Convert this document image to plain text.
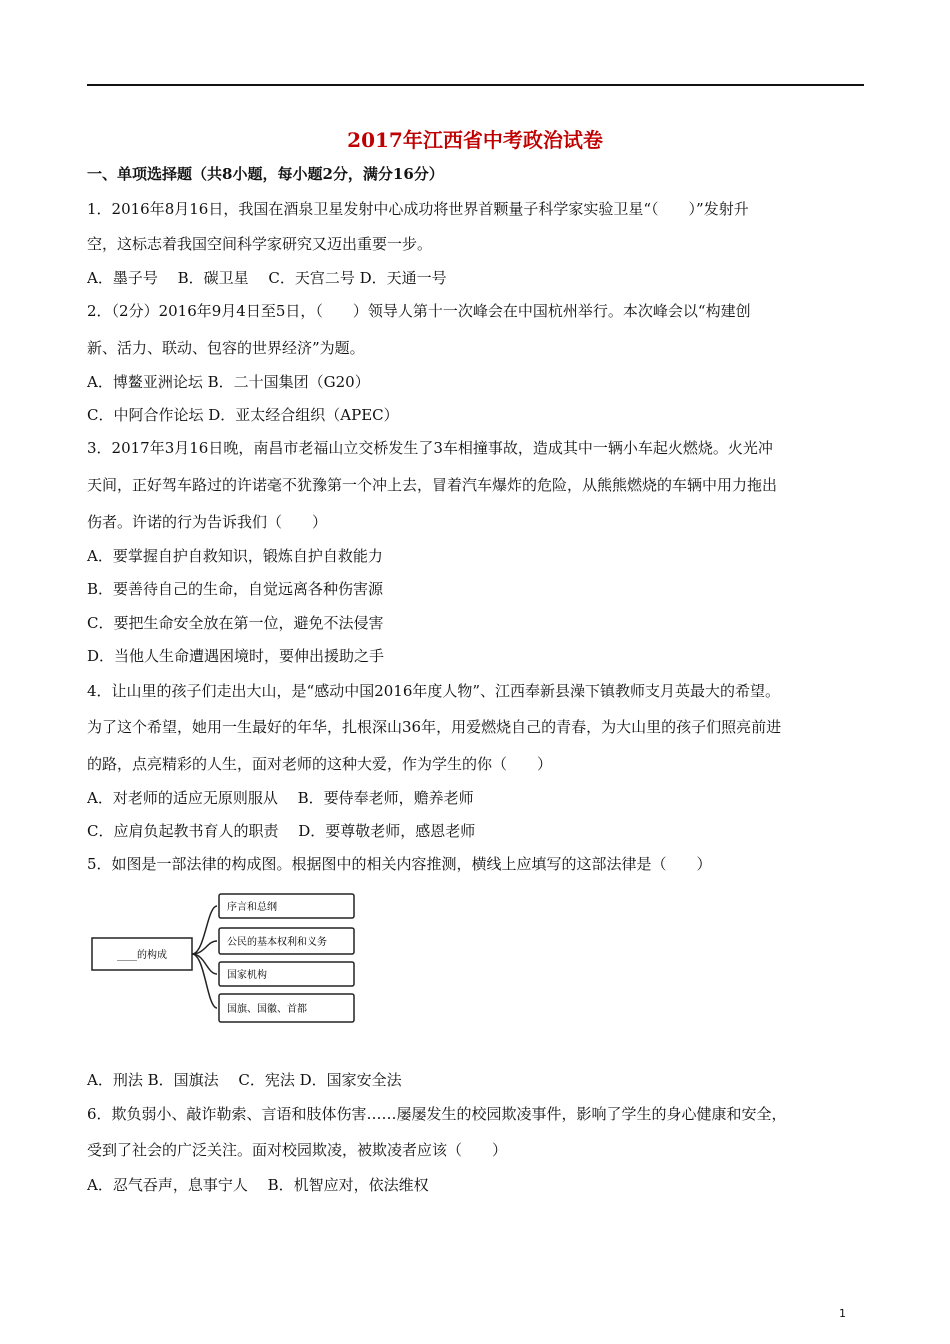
2017年江西省中考政治试卷
一、单项选择题（共8小题，每小题2分，满分16分）
1．2016年8月16日，我国在酒泉卫星发射中心成功将世界首颗量子科学家实验卫星“（　　）”发射升
空，这标志着我国空间科学家研究又迈出重要一步。
A．墨子号　 B．碳卫星　 C．天宫二号 D．天通一号
2．（2分）2016年9月4日至5日，（　　）领导人第十一次峰会在中国杭州举行。本次峰会以“构建创
新、活力、联动、包容的世界经济”为题。
A．博鳌亚洲论坛 B．二十国集团（G20）
C．中阿合作论坛 D．亚太经合组织（APEC）
3．2017年3月16日晚，南昌市老福山立交桥发生了3车相撞事故，造成其中一辆小车起火燃烧。火光冲
天间，正好驾车路过的许诺毫不犹豫第一个冲上去，冒着汽车爆炸的危险，从熊熊燃烧的车辆中用力拖出
伤者。许诺的行为告诉我们（　　）
A．要掌握自护自救知识，锻炼自护自救能力
B．要善待自己的生命，自觉远离各种伤害源
C．要把生命安全放在第一位，避免不法侵害
D．当他人生命遭遇困境时，要伸出援助之手
4．让山里的孩子们走出大山，是“感动中国2016年度人物”、江西奉新县澡下镇教师支月英最大的希望。
为了这个希望，她用一生最好的年华，扎根深山36年，用爱燃烧自己的青春，为大山里的孩子们照亮前进
的路，点亮精彩的人生，面对老师的这种大爱，作为学生的你（　　）
A．对老师的适应无原则服从　 B．要侍奉老师，赡养老师
C．应肩负起教书育人的职责　 D．要尊敬老师，感恩老师
5．如图是一部法律的构成图。根据图中的相关内容推测，横线上应填写的这部法律是（　　）
____的构成
序言和总纲
公民的基本权利和义务
国家机构
国旗、国徽、首都
A．刑法 B．国旗法　 C．宪法 D．国家安全法
6．欺负弱小、敲诈勒索、言语和肢体伤害……屡屡发生的校园欺凌事件，影响了学生的身心健康和安全，
受到了社会的广泛关注。面对校园欺凌，被欺凌者应该（　　）
A．忍气吞声，息事宁人　 B．机智应对，依法维权
1
